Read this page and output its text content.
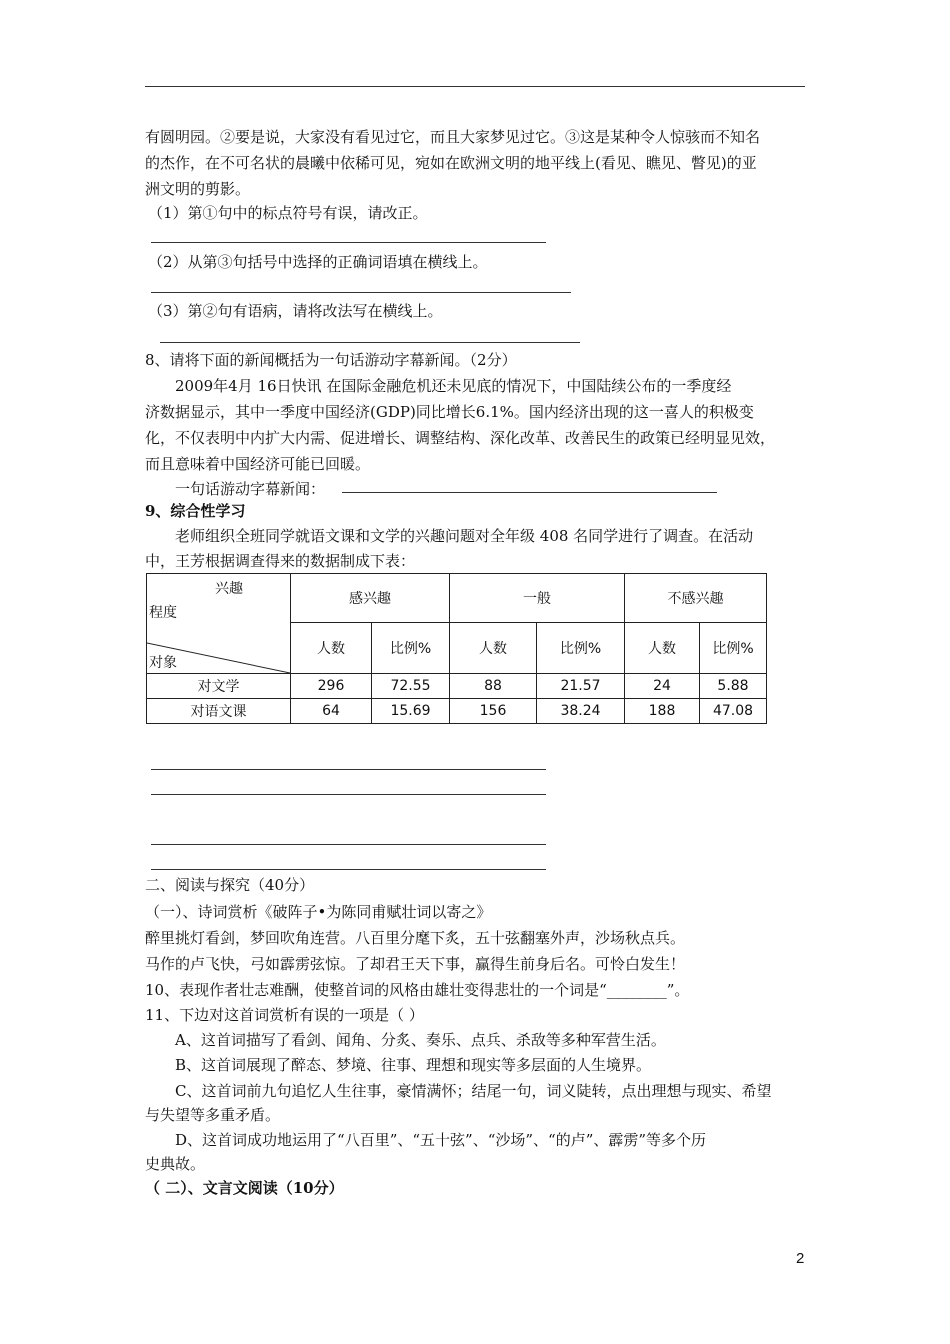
有圆明园。②要是说，大家没有看见过它，而且大家梦见过它。③这是某种令人惊骇而不知名
的杰作，在不可名状的晨曦中依稀可见，宛如在欧洲文明的地平线上(看见、瞧见、瞥见)的亚
洲文明的剪影。
（1）第①句中的标点符号有误，请改正。
（2）从第③句括号中选择的正确词语填在横线上。
（3）第②句有语病，请将改法写在横线上。
8、请将下面的新闻概括为一句话游动字幕新闻。（2分）
2009年4月 16日快讯 在国际金融危机还未见底的情况下，中国陆续公布的一季度经
济数据显示，其中一季度中国经济(GDP)同比增长6.1%。国内经济出现的这一喜人的积极变
化，不仅表明中内扩大内需、促进增长、调整结构、深化改革、改善民生的政策已经明显见效，
而且意味着中国经济可能已回暖。
一句话游动字幕新闻：
9、综合性学习
老师组织全班同学就语文课和文学的兴趣问题对全年级 408 名同学进行了调查。在活动
中，王芳根据调查得来的数据制成下表：
兴趣
程度
对象	感兴趣		一般		不感兴趣	
	人数	比例%	人数	比例%	人数	比例%
对文学	296	72.55	88	21.57	24	5.88
对语文课	64	15.69	156	38.24	188	47.08
二、阅读与探究（40分）
（一）、诗词赏析《破阵子•为陈同甫赋壮词以寄之》
醉里挑灯看剑，梦回吹角连营。八百里分麾下炙，五十弦翻塞外声，沙场秋点兵。
马作的卢飞快，弓如霹雳弦惊。了却君王天下事，赢得生前身后名。可怜白发生！
10、表现作者壮志难酬，使整首词的风格由雄壮变得悲壮的一个词是“________”。
11、下边对这首词赏析有误的一项是（ ）
A、这首词描写了看剑、闻角、分炙、奏乐、点兵、杀敌等多种军营生活。
B、这首词展现了醉态、梦境、往事、理想和现实等多层面的人生境界。
C、这首词前九句追忆人生往事，豪情满怀；结尾一句，词义陡转，点出理想与现实、希望
与失望等多重矛盾。
D、这首词成功地运用了“八百里”、“五十弦”、“沙场”、“的卢”、霹雳”等多个历
史典故。
（ 二）、文言文阅读（10分）
2
